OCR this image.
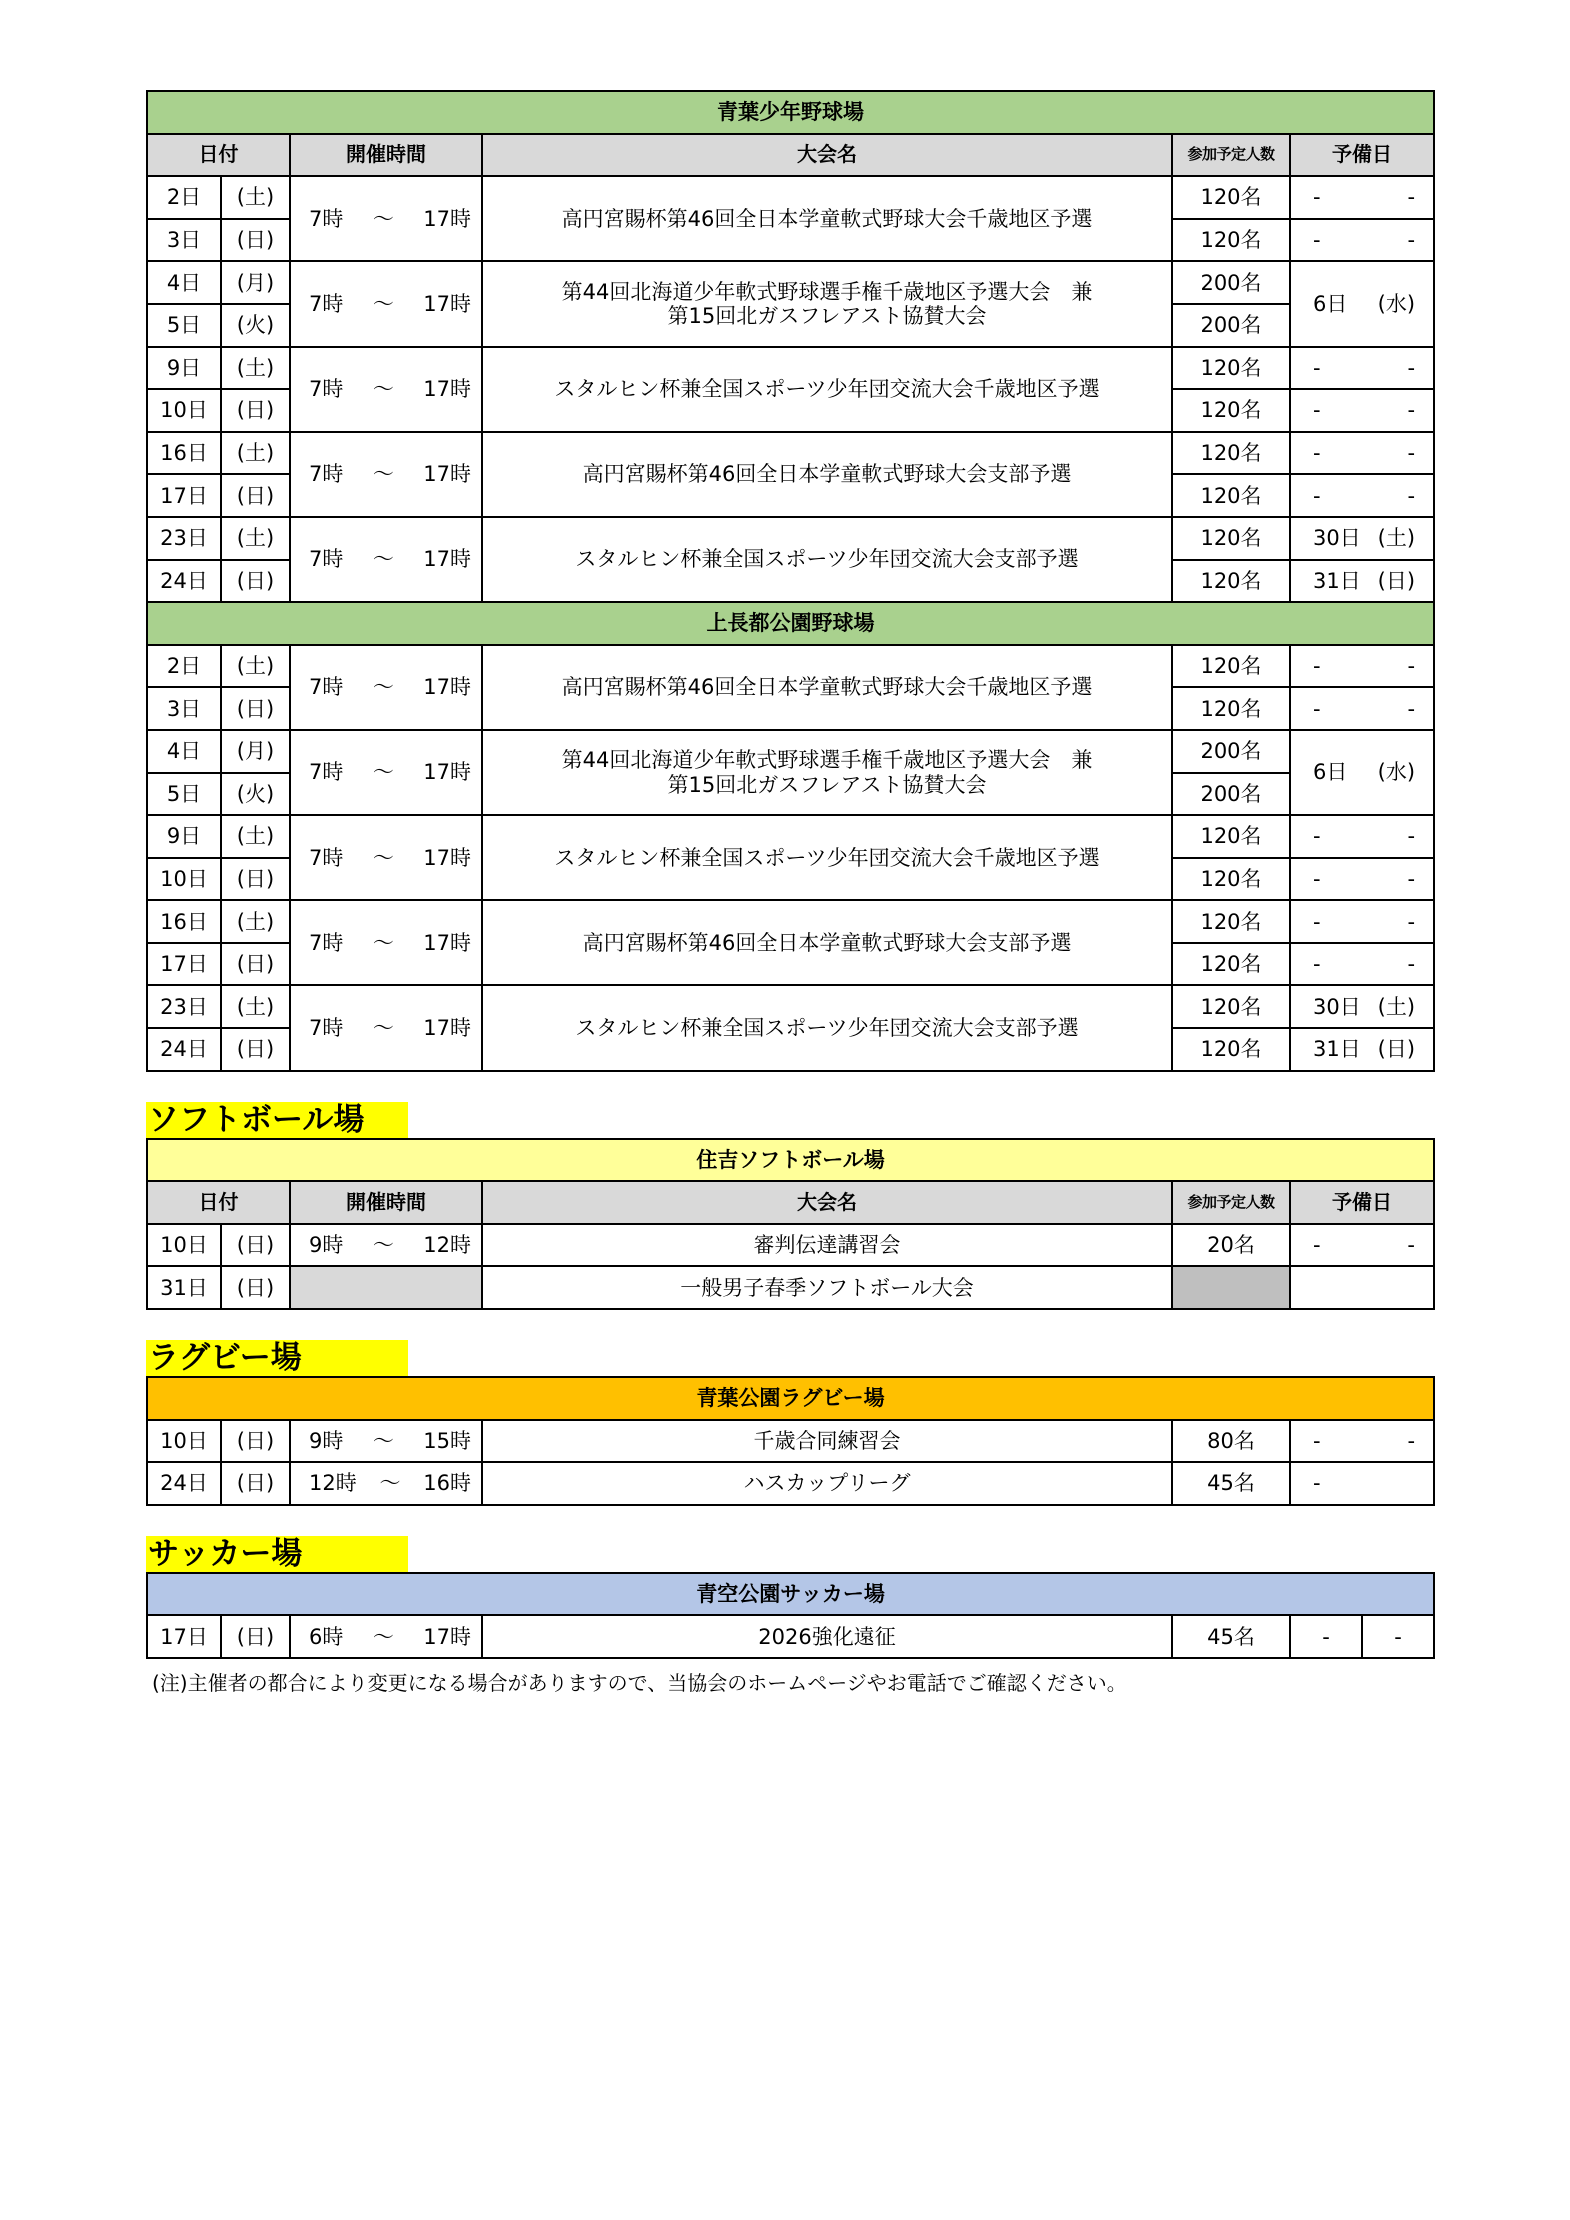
青葉少年野球場					
日付		開催時間	大会名	参加予定人数	予備日
2日	(土)	7時 ～ 17時	高円宮賜杯第46回全日本学童軟式野球大会千歳地区予選	120名	- -

3日	(日)			120名	- -

4日	(月)	7時 ～ 17時	第44回北海道少年軟式野球選手権千歳地区予選大会　兼
第15回北ガスフレアスト協賛大会	200名	6日 (水)

5日	(火)			200名	
9日	(土)	7時 ～ 17時	スタルヒン杯兼全国スポーツ少年団交流大会千歳地区予選	120名	- -

10日	(日)			120名	- -

16日	(土)	7時 ～ 17時	高円宮賜杯第46回全日本学童軟式野球大会支部予選	120名	- -

17日	(日)			120名	- -

23日	(土)	7時 ～ 17時	スタルヒン杯兼全国スポーツ少年団交流大会支部予選	120名	30日 (土)

24日	(日)			120名	31日 (日)

上長都公園野球場					
2日	(土)	7時 ～ 17時	高円宮賜杯第46回全日本学童軟式野球大会千歳地区予選	120名	- -

3日	(日)			120名	- -

4日	(月)	7時 ～ 17時	第44回北海道少年軟式野球選手権千歳地区予選大会　兼
第15回北ガスフレアスト協賛大会	200名	6日 (水)

5日	(火)			200名	
9日	(土)	7時 ～ 17時	スタルヒン杯兼全国スポーツ少年団交流大会千歳地区予選	120名	- -

10日	(日)			120名	- -

16日	(土)	7時 ～ 17時	高円宮賜杯第46回全日本学童軟式野球大会支部予選	120名	- -

17日	(日)			120名	- -

23日	(土)	7時 ～ 17時	スタルヒン杯兼全国スポーツ少年団交流大会支部予選	120名	30日 (土)

24日	(日)			120名	31日 (日)
ソフトボール場
住吉ソフトボール場					
日付		開催時間	大会名	参加予定人数	予備日
10日	(日)	9時 ～ 12時	審判伝達講習会	20名	- -

31日	(日)		一般男子春季ソフトボール大会		
ラグビー場
青葉公園ラグビー場					
10日	(日)	9時 ～ 15時	千歳合同練習会	80名	- -

24日	(日)	12時 ～ 16時	ハスカップリーグ	45名	-
サッカー場
青空公園サッカー場
17日	(日)	6時 ～ 17時	2026強化遠征	45名	-	-
(注)主催者の都合により変更になる場合がありますので、当協会のホームページやお電話でご確認ください。
